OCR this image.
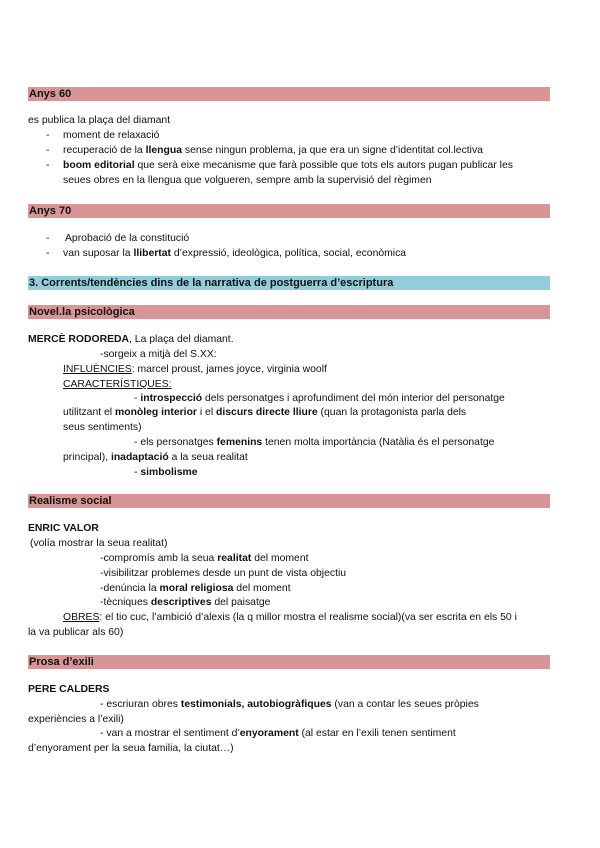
Anys 60
es publica la plaça del diamant
- moment de relaxació
- recuperació de la llengua sense ningun problema, ja que era un signe d’identitat col.lectiva
- boom editorial que serà eixe mecanisme que farà possible que tots els autors pugan publicar les
seues obres en la llengua que volgueren, sempre amb la supervisió del règimen
Anys 70
- Aprobació de la constitució
- van suposar la llibertat d’expressió, ideològica, política, social, econòmica
3. Corrents/tendències dins de la narrativa de postguerra d’escriptura
Novel.la psicològica
MERCÈ RODOREDA, La plaça del diamant.
-sorgeix a mitjà del S.XX:
INFLUÈNCIES: marcel proust, james joyce, virginia woolf
CARACTERÍSTIQUES:
- introspecció dels personatges i aprofundiment del món interior del personatge
utilitzant el monòleg interior i el discurs directe lliure (quan la protagonista parla dels
seus sentiments)
- els personatges femenins tenen molta importància (Natàlia és el personatge
principal), inadaptació a la seua realitat
- simbolisme
Realisme social
ENRIC VALOR
(volía mostrar la seua realitat)
-compromís amb la seua realitat del moment
-visibilitzar problemes desde un punt de vista objectiu
-denúncia la moral religiosa del moment
-tècniques descriptives del paisatge
OBRES: el tio cuc, l’ambició d’alexis (la q millor mostra el realisme social)(va ser escrita en els 50 i
la va publicar als 60)
Prosa d’exili
PERE CALDERS
- escriuran obres testimonials, autobiogràfiques (van a contar les seues pròpies
experiències a l’exili)
- van a mostrar el sentiment d’enyorament (al estar en l’exili tenen sentiment
d’enyorament per la seua familia, la ciutat…)
